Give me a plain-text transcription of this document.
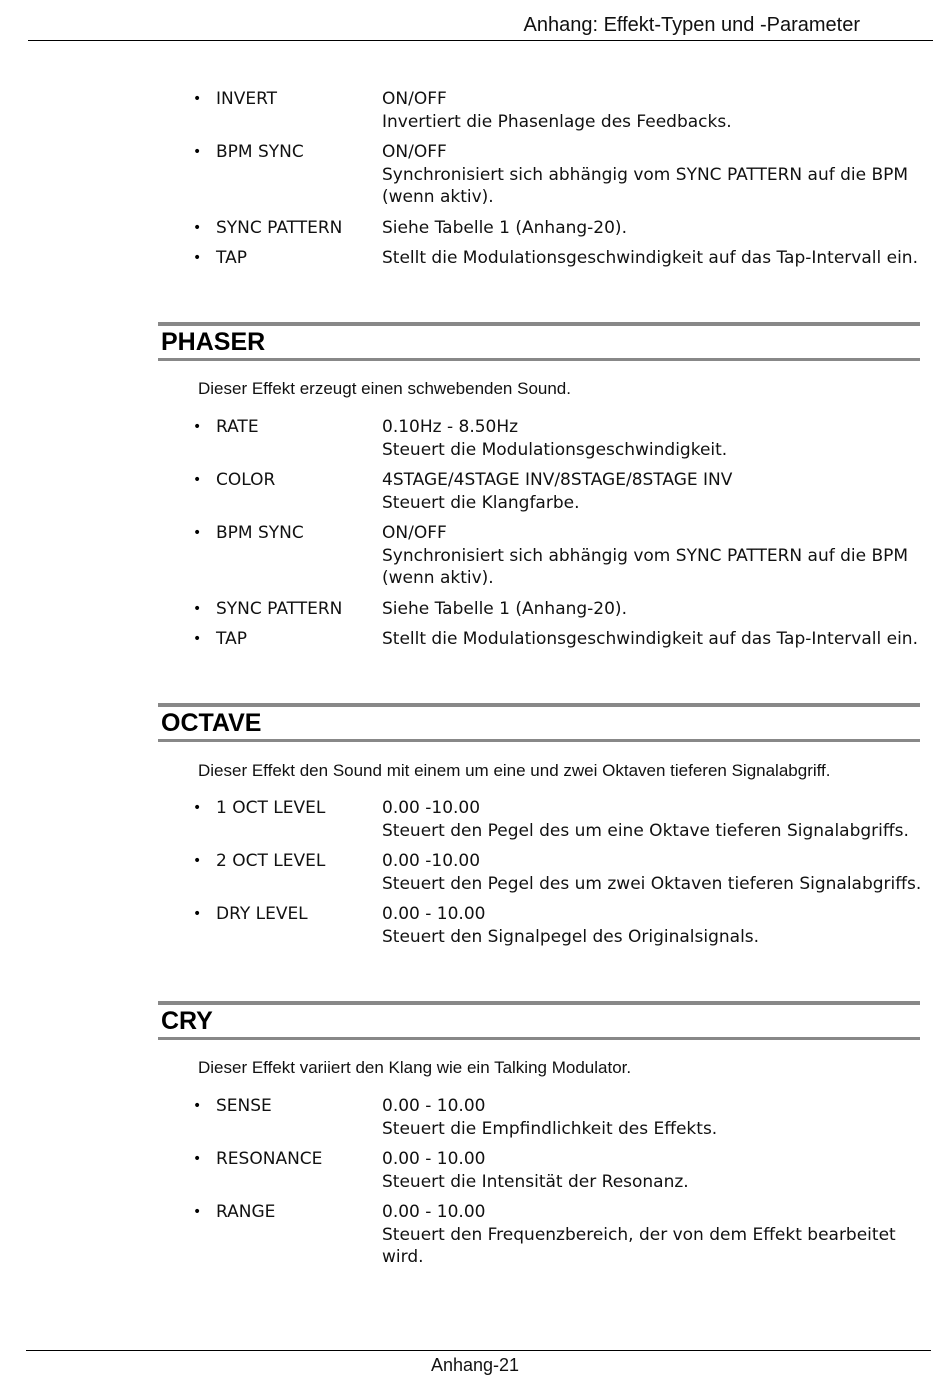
Anhang: Effekt-Typen und -Parameter
• INVERT	ON/OFF
Invertiert die Phasenlage des Feedbacks.
• BPM SYNC	ON/OFF
Synchronisiert sich abhängig vom SYNC PATTERN auf die BPM (wenn aktiv).
• SYNC PATTERN Siehe Tabelle 1 (Anhang-20).
• TAP	Stellt die Modulationsgeschwindigkeit auf das Tap-Intervall ein.
PHASER
Dieser Effekt erzeugt einen schwebenden Sound.
• RATE	0.10Hz - 8.50Hz
Steuert die Modulationsgeschwindigkeit.
• COLOR	4STAGE/4STAGE INV/8STAGE/8STAGE INV
Steuert die Klangfarbe.
• BPM SYNC	ON/OFF
Synchronisiert sich abhängig vom SYNC PATTERN auf die BPM (wenn aktiv).
• SYNC PATTERN Siehe Tabelle 1 (Anhang-20).
• TAP	Stellt die Modulationsgeschwindigkeit auf das Tap-Intervall ein.
OCTAVE
Dieser Effekt den Sound mit einem um eine und zwei Oktaven tieferen Signalabgriff.
• 1 OCT LEVEL	0.00 -10.00
Steuert den Pegel des um eine Oktave tieferen Signalabgriffs.
• 2 OCT LEVEL	0.00 -10.00
Steuert den Pegel des um zwei Oktaven tieferen Signalabgriffs.
• DRY LEVEL	0.00 - 10.00
Steuert den Signalpegel des Originalsignals.
CRY
Dieser Effekt variiert den Klang wie ein Talking Modulator.
• SENSE	0.00 - 10.00
Steuert die Empfindlichkeit des Effekts.
• RESONANCE	0.00 - 10.00
Steuert die Intensität der Resonanz.
• RANGE	0.00 - 10.00
Steuert den Frequenzbereich, der von dem Effekt bearbeitet wird.
Anhang-21
